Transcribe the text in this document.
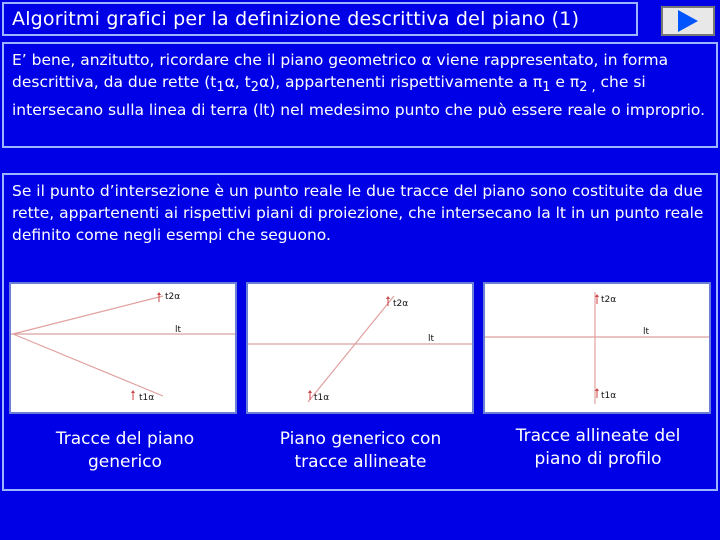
Algoritmi grafici per la definizione descrittiva del piano (1)
E’ bene, anzitutto, ricordare che il piano geometrico α viene rappresentato, in forma descrittiva, da due rette ($t_1\alpha$, $t_2\alpha$), appartenenti rispettivamente a $\pi_1$ e $\pi_{2 ,}$ che si intersecano sulla linea di terra (lt) nel medesimo punto che può essere reale o improprio.
Se il punto d’intersezione è un punto reale le due tracce del piano sono costituite da due rette, appartenenti ai rispettivi piani di proiezione, che intersecano la lt in un punto reale definito come negli esempi che seguono.
t2α
t1α
lt
Tracce del piano generico
t2α
t1α
lt
Piano generico con tracce allineate
t2α
t1α
lt
Tracce allineate del piano di profilo
